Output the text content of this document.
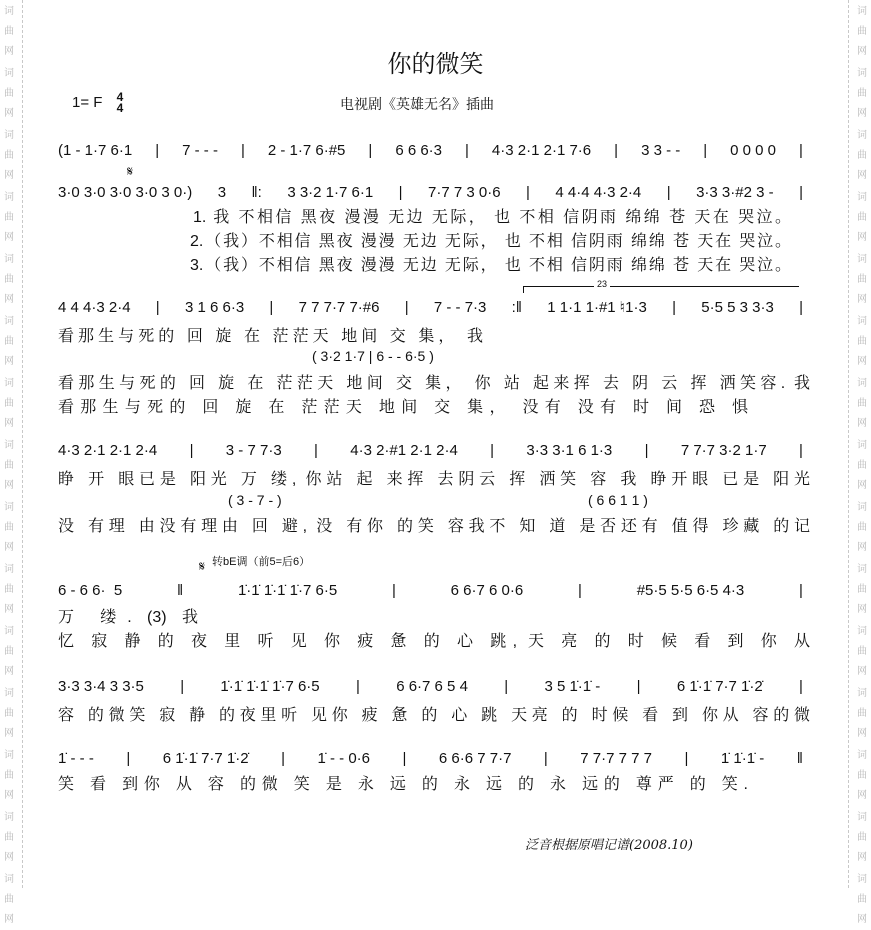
词
曲
网
词
曲
网
词
曲
网
词
曲
网
词
曲
网
词
曲
网
词
曲
网
词
曲
网
词
曲
网
词
曲
网
词
曲
网
词
曲
网
词
曲
网
词
曲
网
词
曲
网
词
曲
网
词
曲
网
词
曲
网
词
曲
网
词
曲
网
词
曲
网
词
曲
网
词
曲
网
词
曲
网
词
曲
网
词
曲
网
词
曲
网
词
曲
网
词
曲
网
词
曲
网
你的微笑
1= F 4
4	电视剧《英雄无名》插曲
𝄋
𝄋
(1 - 1·7 6·1 | 7 - - - | 2 - 1·7 6·#5 | 6 6 6·3 | 4·3 2·1 2·1 7·6 | 3 3 - - | 0 0 0 0 |
3·0 3·0 3·0 3·0 3 0·) 3 ‖: 3 3·2 1·7 6·1 | 7·7 7 3 0·6 | 4 4·4 4·3 2·4 | 3·3 3·#2 3 - |
1. 我 不相信 黑夜 漫漫 无边 无际， 也 不相 信阴雨 绵绵 苍 天在 哭泣。
2.（我）不相信 黑夜 漫漫 无边 无际， 也 不相 信阴雨 绵绵 苍 天在 哭泣。
3.（我）不相信 黑夜 漫漫 无边 无际， 也 不相 信阴雨 绵绵 苍 天在 哭泣。
23
4 4 4·3 2·4 | 3 1 6 6·3 | 7 7 7·7 7·#6 | 7 - - 7·3 :‖ 1 1·1 1·#1 ♮1·3 | 5·5 5 3 3·3 |
看那生与死的 回 旋 在 茫茫天 地间 交 集， 我
( 3·2 1·7 | 6 - - 6·5 )
看那生与死的 回 旋 在 茫茫天 地间 交 集， 你 站 起来挥 去 阴 云 挥 洒笑容. 我
看那生与死的 回 旋 在 茫茫天 地间 交 集， 没有 没有 时 间 恐 惧
4·3 2·1 2·1 2·4 | 3 - 7 7·3 | 4·3 2·#1 2·1 2·4 | 3·3 3·1 6 1·3 | 7 7·7 3·2 1·7 |
睁 开 眼已是 阳光 万 缕, 你站 起 来挥 去阴云 挥 洒笑 容 我 睁开眼 已是 阳光
( 3 - 7 - )	( 6 6 1 1 )
没 有理 由没有理由 回 避, 没 有你 的笑 容我不 知 道 是否还有 值得 珍藏 的记
转bE调（前5=后6）
6 - 6 6·  5	‖	1̇·1̇ 1̇·1̇ 1̇·7 6·5	|	6 6·7 6 0·6	|	#5·5 5·5 6·5 4·3	|
万 缕. (3) 我
忆 寂 静 的 夜 里 听 见 你 疲 惫 的 心 跳, 天 亮 的 时 候 看 到 你 从
3·3 3·4 3 3·5 | 1̇·1̇ 1̇·1̇ 1̇·7 6·5 | 6 6·7 6 5 4 | 3 5 1̇·1̇ - | 6 1̇·1̇ 7·7 1̇·2̇ |
容 的微笑 寂 静 的夜里听 见你 疲 惫 的 心 跳 天亮 的 时候 看 到 你从 容的微
1̇ - - - | 6 1̇·1̇ 7·7 1̇·2̇ | 1̇ - - 0·6 | 6 6·6 7 7·7 | 7 7·7 7 7 7 | 1̇ 1̇·1̇ - ‖
笑 看 到你 从 容 的微 笑 是 永 远 的 永 远 的 永 远的 尊严 的 笑.
泛音根据原唱记谱(2008.10)
